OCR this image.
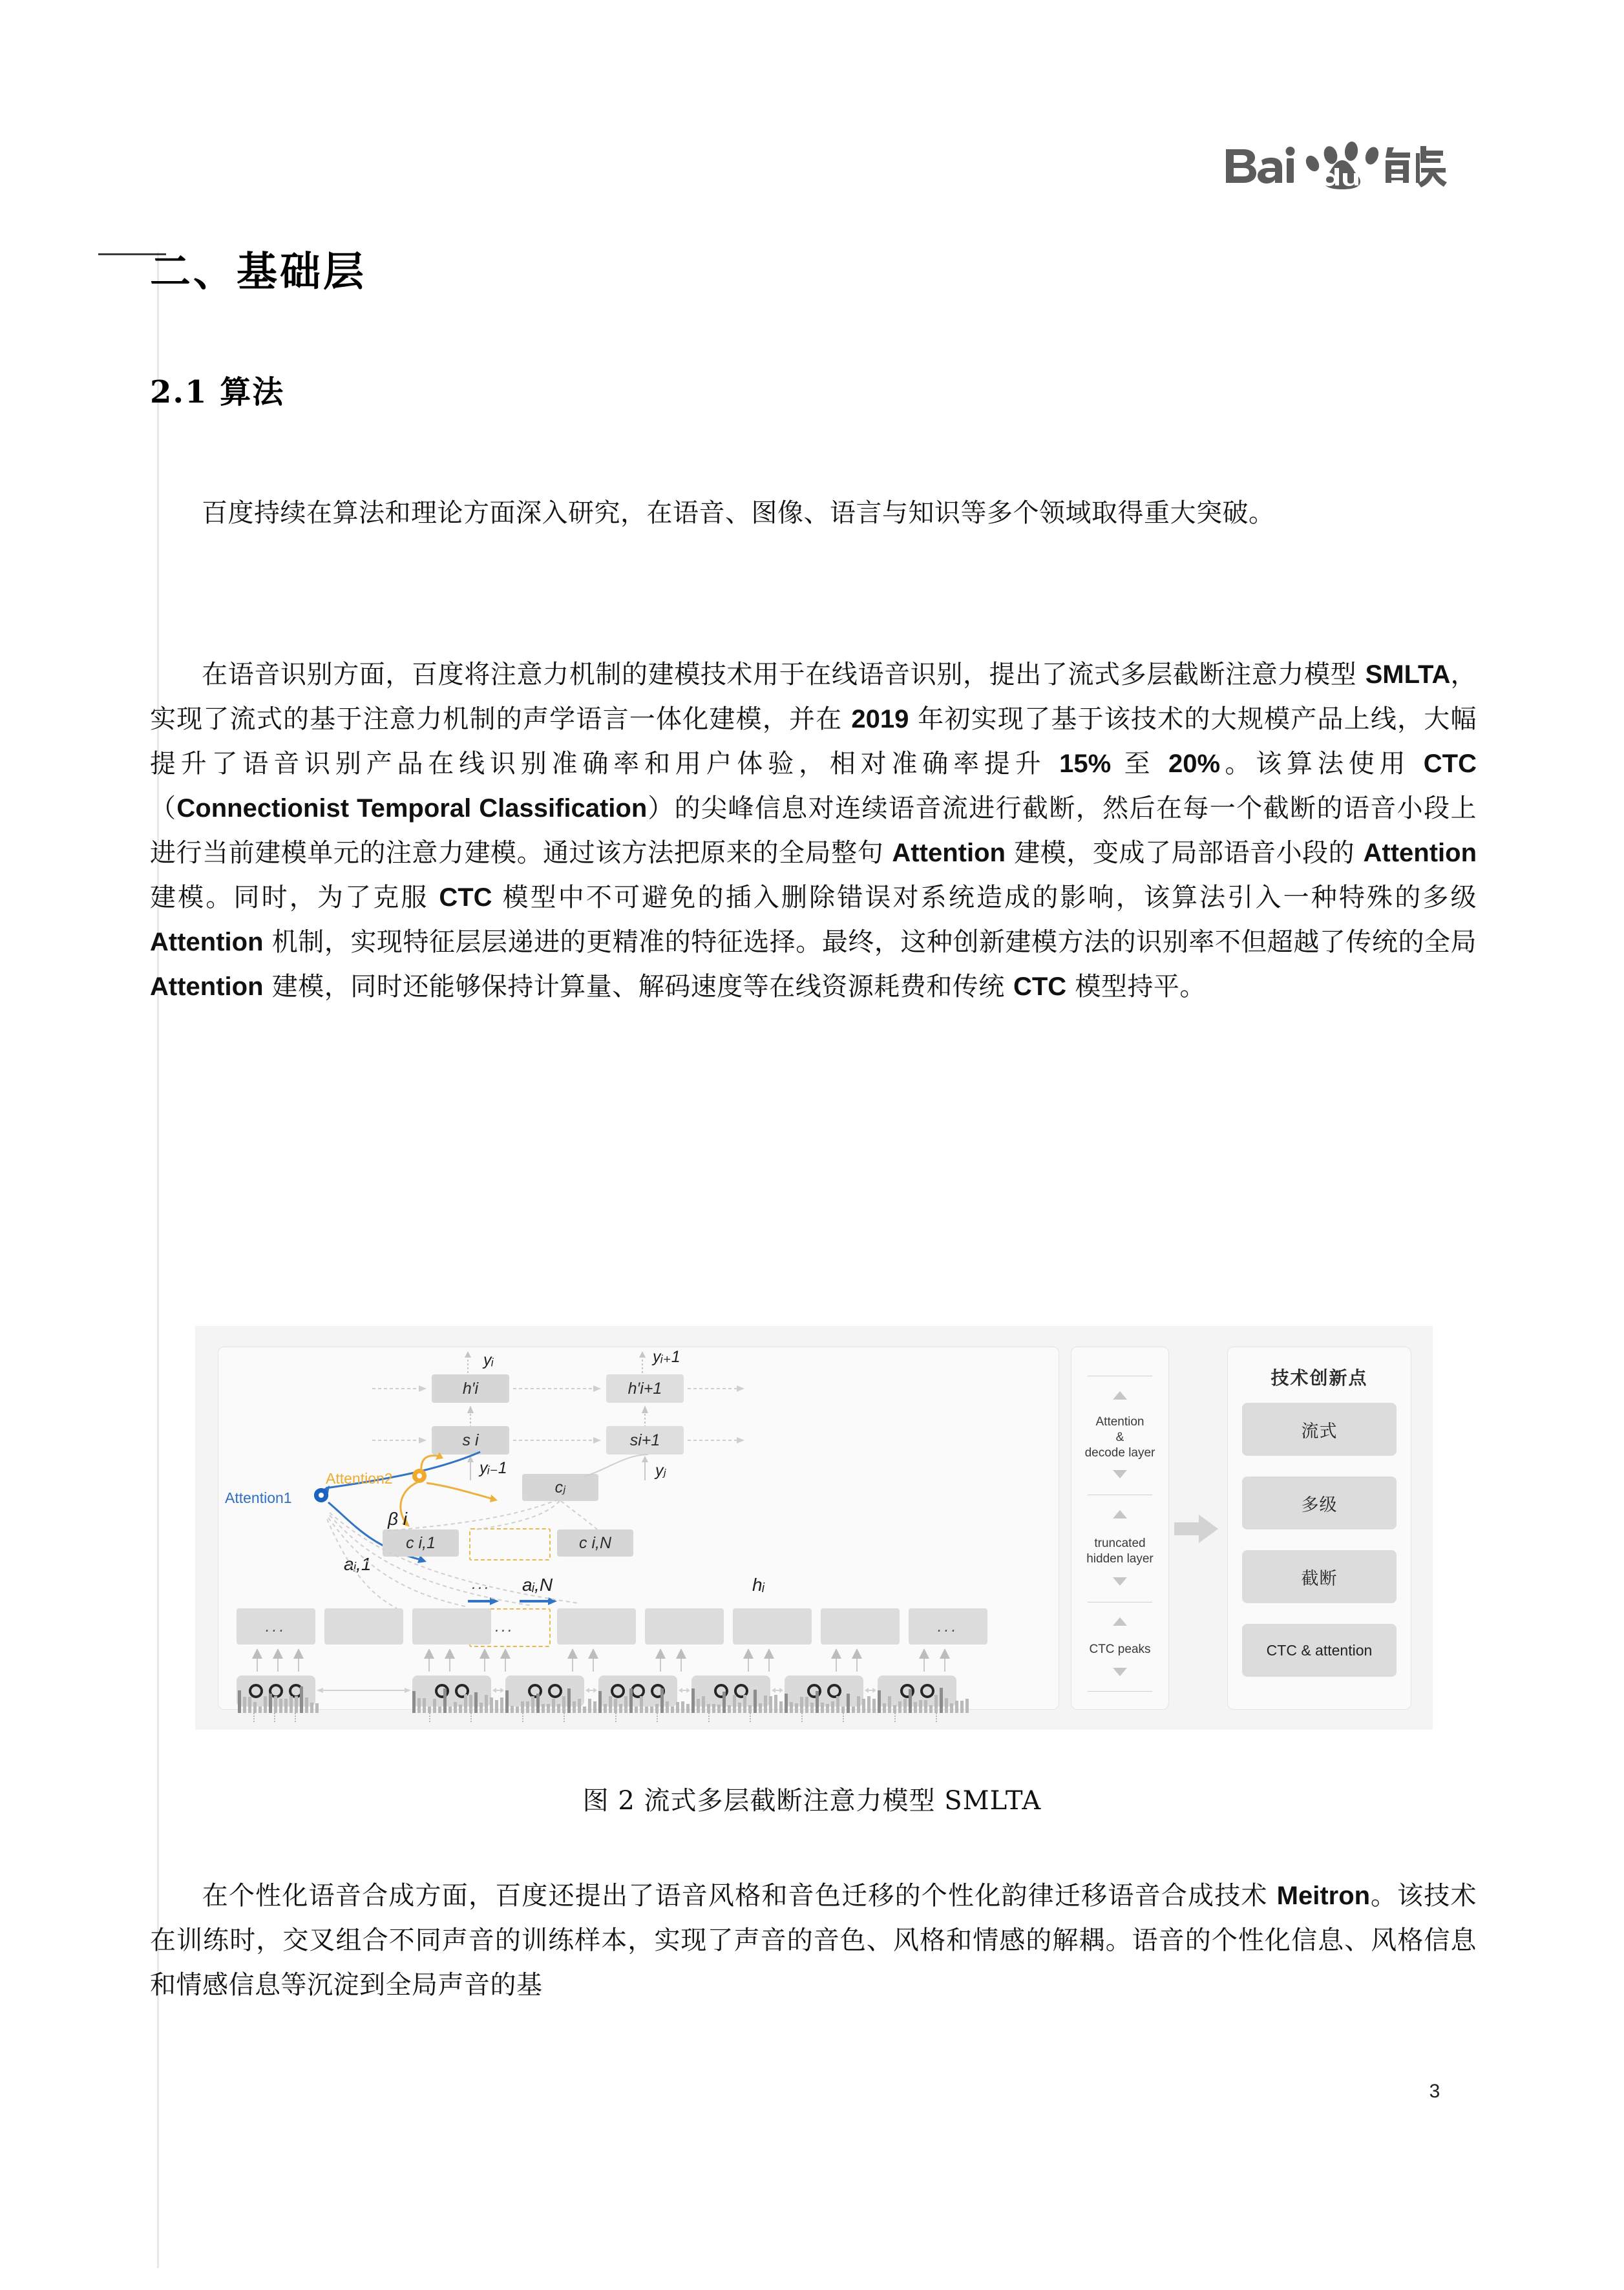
二、基础层
2.1 算法
百度持续在算法和理论方面深入研究，在语音、图像、语言与知识等多个领域取得重大突破。
在语音识别方面，百度将注意力机制的建模技术用于在线语音识别，提出了流式多层截断注意力模型 SMLTA，实现了流式的基于注意力机制的声学语言一体化建模，并在 2019 年初实现了基于该技术的大规模产品上线，大幅提升了语音识别产品在线识别准确率和用户体验，相对准确率提升 15% 至 20%。该算法使用 CTC（Connectionist Temporal Classification）的尖峰信息对连续语音流进行截断，然后在每一个截断的语音小段上进行当前建模单元的注意力建模。通过该方法把原来的全局整句 Attention 建模，变成了局部语音小段的 Attention 建模。同时，为了克服 CTC 模型中不可避免的插入删除错误对系统造成的影响，该算法引入一种特殊的多级 Attention 机制，实现特征层层递进的更精准的特征选择。最终，这种创新建模方法的识别率不但超越了传统的全局 Attention 建模，同时还能够保持计算量、解码速度等在线资源耗费和传统 CTC 模型持平。
yᵢ
h′i
yᵢ₊1
h′i+1
s i	si+1
yᵢ₋1	yⱼ
cⱼ
Attention1
Attention2
β i
aᵢ,1
c i,1	c i,N
aᵢ,N
...
...
hᵢ
...	...
Attention
&
decode layer
truncated
hidden layer
CTC peaks
技术创新点
流式
多级
截断
CTC & attention
图 2 流式多层截断注意力模型 SMLTA
在个性化语音合成方面，百度还提出了语音风格和音色迁移的个性化韵律迁移语音合成技术 Meitron。该技术在训练时，交叉组合不同声音的训练样本，实现了声音的音色、风格和情感的解耦。语音的个性化信息、风格信息和情感信息等沉淀到全局声音的基
3
